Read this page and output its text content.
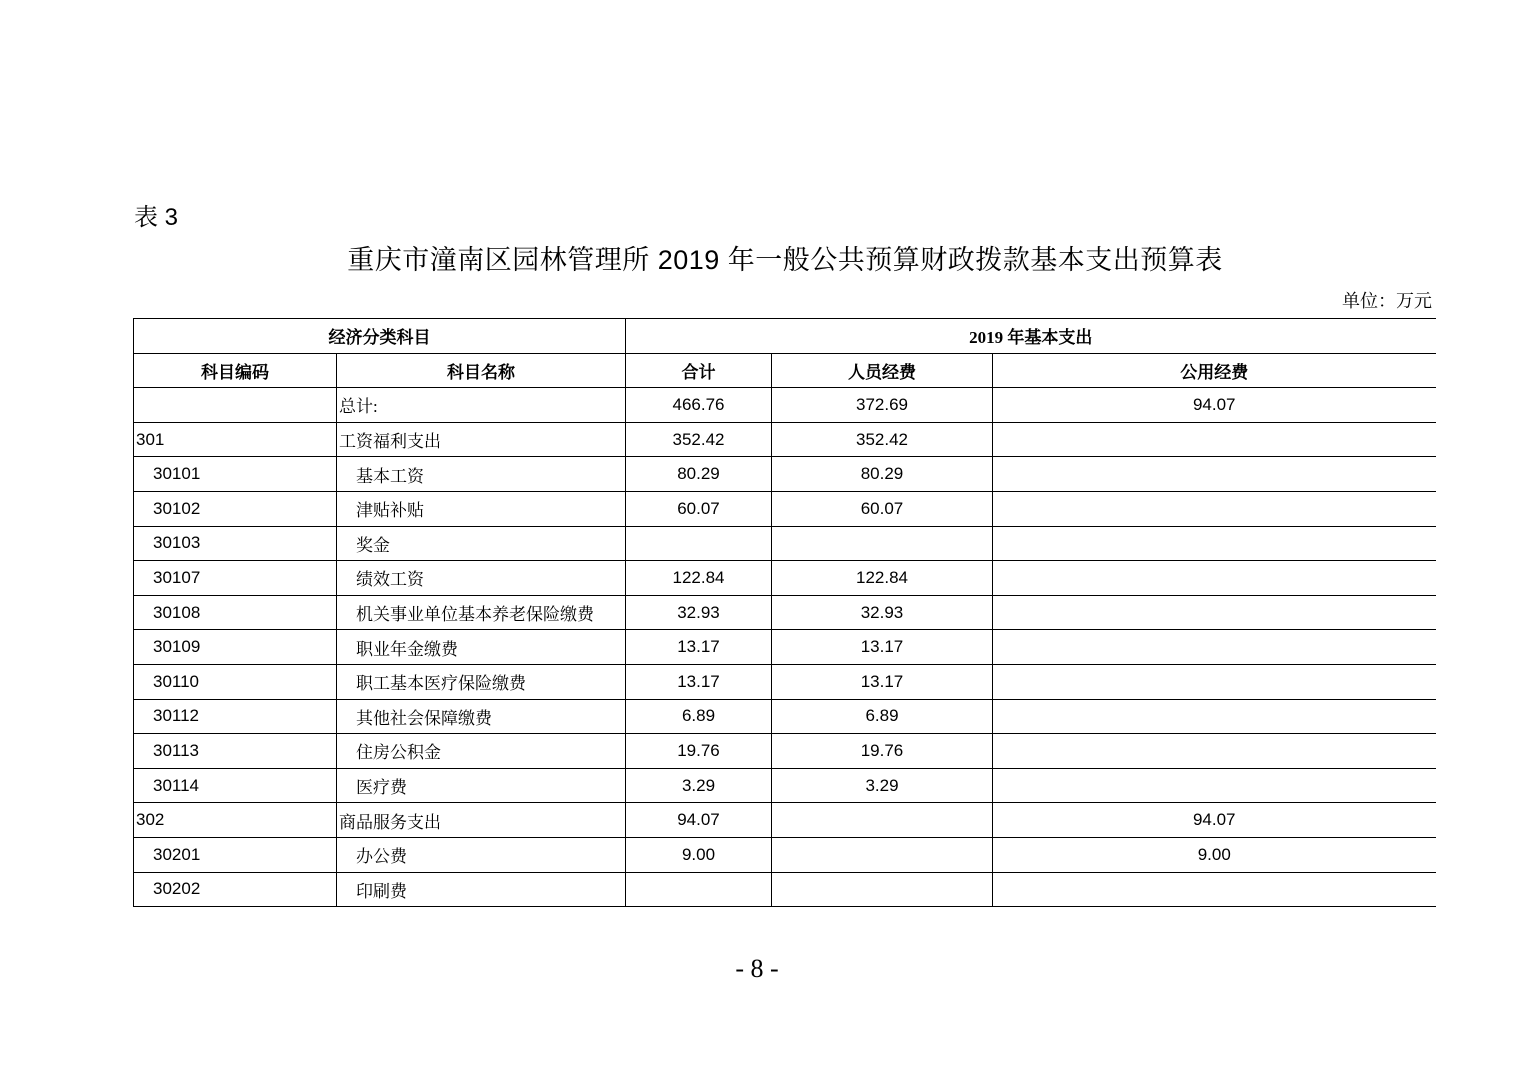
表 3
重庆市潼南区园林管理所 2019 年一般公共预算财政拨款基本支出预算表
单位：万元
经济分类科目		2019 年基本支出		
科目编码	科目名称	合计	人员经费	公用经费
	总计:	466.76	372.69	94.07
301	工资福利支出	352.42	352.42	
30101	基本工资	80.29	80.29	
30102	津贴补贴	60.07	60.07	
30103	奖金			
30107	绩效工资	122.84	122.84	
30108	机关事业单位基本养老保险缴费	32.93	32.93	
30109	职业年金缴费	13.17	13.17	
30110	职工基本医疗保险缴费	13.17	13.17	
30112	其他社会保障缴费	6.89	6.89	
30113	住房公积金	19.76	19.76	
30114	医疗费	3.29	3.29	
302	商品服务支出	94.07		94.07
30201	办公费	9.00		9.00
30202	印刷费			
- 8 -
